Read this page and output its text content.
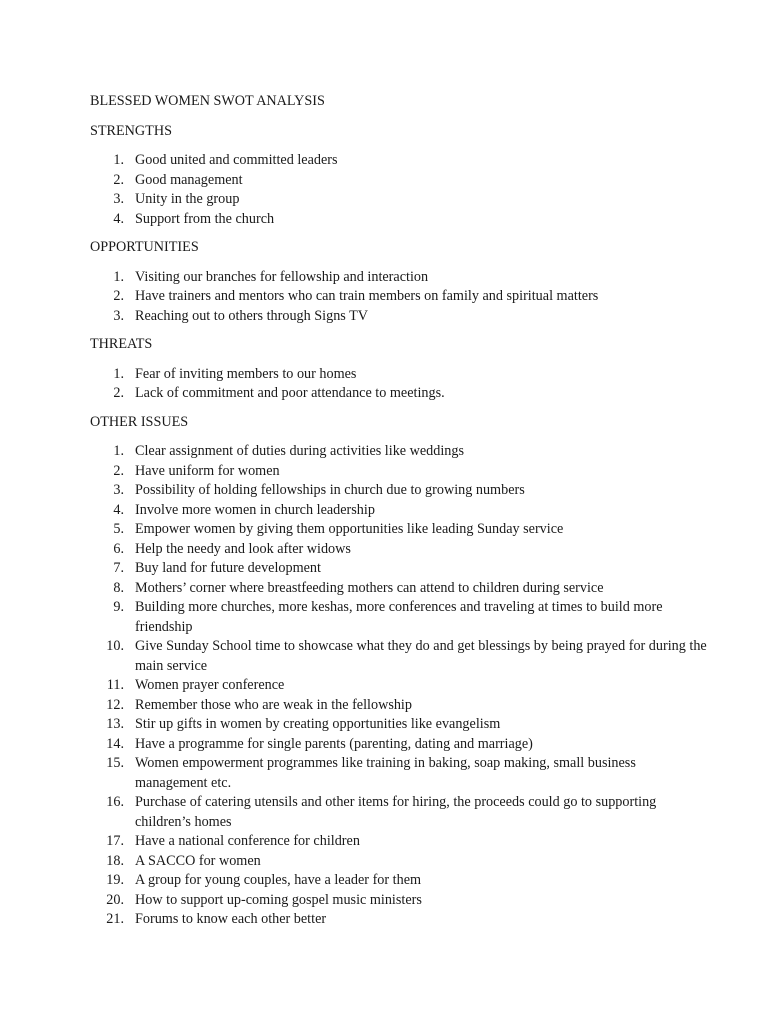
BLESSED WOMEN SWOT ANALYSIS
STRENGTHS
1. Good united and committed leaders
2. Good management
3. Unity in the group
4. Support from the church
OPPORTUNITIES
1. Visiting our branches for fellowship and interaction
2. Have trainers and mentors who can train members on family and spiritual matters
3. Reaching out to others through Signs TV
THREATS
1. Fear of inviting members to our homes
2. Lack of commitment and poor attendance to meetings.
OTHER ISSUES
1. Clear assignment of duties during activities like weddings
2. Have uniform for women
3. Possibility of holding fellowships in church due to growing numbers
4. Involve more women in church leadership
5. Empower women by giving them opportunities like leading Sunday service
6. Help the needy and look after widows
7. Buy land for future development
8. Mothers’ corner where breastfeeding mothers can attend to children during service
9. Building more churches, more keshas, more conferences and traveling at times to build more friendship
10. Give Sunday School time to showcase what they do and get blessings by being prayed for during the main service
11. Women prayer conference
12. Remember those who are weak in the fellowship
13. Stir up gifts in women by creating opportunities like evangelism
14. Have a programme for single parents (parenting, dating and marriage)
15. Women empowerment programmes like training in baking, soap making, small business management etc.
16. Purchase of catering utensils and other items for hiring, the proceeds could go to supporting children’s homes
17. Have a national conference for children
18. A SACCO for women
19. A group for young couples, have a leader for them
20. How to support up-coming gospel music ministers
21. Forums to know each other better
